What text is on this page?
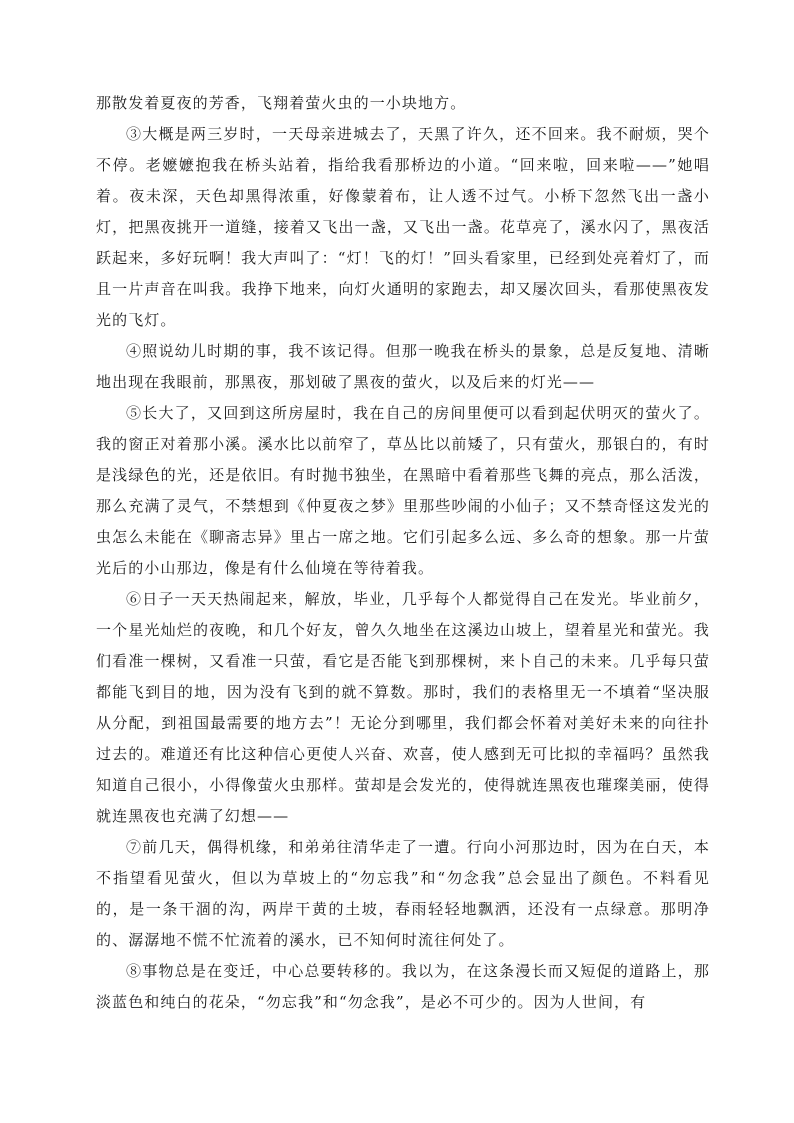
那散发着夏夜的芳香，飞翔着萤火虫的一小块地方。

③大概是两三岁时，一天母亲进城去了，天黑了许久，还不回来。我不耐烦，哭个不停。老嬷嬷抱我在桥头站着，指给我看那桥边的小道。“回来啦，回来啦——”她唱着。夜未深，天色却黑得浓重，好像蒙着布，让人透不过气。小桥下忽然飞出一盏小灯，把黑夜挑开一道缝，接着又飞出一盏，又飞出一盏。花草亮了，溪水闪了，黑夜活跃起来，多好玩啊！我大声叫了：“灯！飞的灯！”回头看家里，已经到处亮着灯了，而且一片声音在叫我。我挣下地来，向灯火通明的家跑去，却又屡次回头，看那使黑夜发光的飞灯。

④照说幼儿时期的事，我不该记得。但那一晚我在桥头的景象，总是反复地、清晰地出现在我眼前，那黑夜，那划破了黑夜的萤火，以及后来的灯光——

⑤长大了，又回到这所房屋时，我在自己的房间里便可以看到起伏明灭的萤火了。我的窗正对着那小溪。溪水比以前窄了，草丛比以前矮了，只有萤火，那银白的，有时是浅绿色的光，还是依旧。有时抛书独坐，在黑暗中看着那些飞舞的亮点，那么活泼，那么充满了灵气，不禁想到《仲夏夜之梦》里那些吵闹的小仙子；又不禁奇怪这发光的虫怎么未能在《聊斋志异》里占一席之地。它们引起多么远、多么奇的想象。那一片萤光后的小山那边，像是有什么仙境在等待着我。

⑥日子一天天热闹起来，解放，毕业，几乎每个人都觉得自己在发光。毕业前夕，一个星光灿烂的夜晚，和几个好友，曾久久地坐在这溪边山坡上，望着星光和萤光。我们看准一棵树，又看准一只萤，看它是否能飞到那棵树，来卜自己的未来。几乎每只萤都能飞到目的地，因为没有飞到的就不算数。那时，我们的表格里无一不填着“坚决服从分配，到祖国最需要的地方去”！无论分到哪里，我们都会怀着对美好未来的向往扑过去的。难道还有比这种信心更使人兴奋、欢喜，使人感到无可比拟的幸福吗？虽然我知道自己很小，小得像萤火虫那样。萤却是会发光的，使得就连黑夜也璀璨美丽，使得就连黑夜也充满了幻想——

⑦前几天，偶得机缘，和弟弟往清华走了一遭。行向小河那边时，因为在白天，本不指望看见萤火，但以为草坡上的“勿忘我”和“勿念我”总会显出了颜色。不料看见的，是一条干涸的沟，两岸干黄的土坡，春雨轻轻地飘洒，还没有一点绿意。那明净的、潺潺地不慌不忙流着的溪水，已不知何时流往何处了。

⑧事物总是在变迁，中心总要转移的。我以为，在这条漫长而又短促的道路上，那淡蓝色和纯白的花朵，“勿忘我”和“勿念我”，是必不可少的。因为人世间，有
